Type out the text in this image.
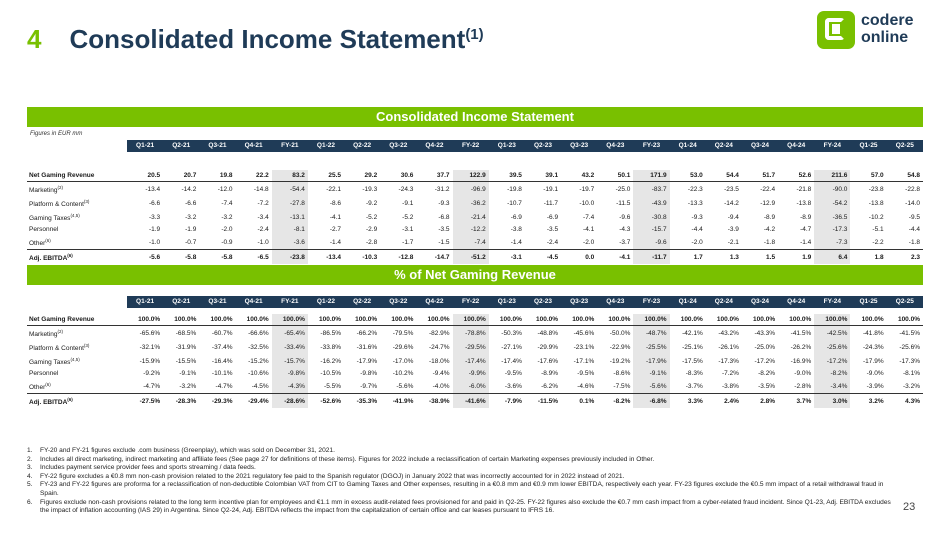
4 Consolidated Income Statement$^{(1)}$
codere
online
Consolidated Income Statement
Figures in EUR mm
	Q1-21	Q2-21	Q3-21	Q4-21	FY-21	Q1-22	Q2-22	Q3-22	Q4-22	FY-22	Q1-23	Q2-23	Q3-23	Q4-23	FY-23	Q1-24	Q2-24	Q3-24	Q4-24	FY-24	Q1-25	Q2-25

Net Gaming Revenue	20.5	20.7	19.8	22.2	83.2	25.5	29.2	30.6	37.7	122.9	39.5	39.1	43.2	50.1	171.9	53.0	54.4	51.7	52.6	211.6	57.0	54.8
Marketing$^{(2)}$	-13.4	-14.2	-12.0	-14.8	-54.4	-22.1	-19.3	-24.3	-31.2	-96.9	-19.8	-19.1	-19.7	-25.0	-83.7	-22.3	-23.5	-22.4	-21.8	-90.0	-23.8	-22.8
Platform & Content$^{(3)}$	-6.6	-6.6	-7.4	-7.2	-27.8	-8.6	-9.2	-9.1	-9.3	-36.2	-10.7	-11.7	-10.0	-11.5	-43.9	-13.3	-14.2	-12.9	-13.8	-54.2	-13.8	-14.0
Gaming Taxes$^{(4,5)}$	-3.3	-3.2	-3.2	-3.4	-13.1	-4.1	-5.2	-5.2	-6.8	-21.4	-6.9	-6.9	-7.4	-9.6	-30.8	-9.3	-9.4	-8.9	-8.9	-36.5	-10.2	-9.5
Personnel	-1.9	-1.9	-2.0	-2.4	-8.1	-2.7	-2.9	-3.1	-3.5	-12.2	-3.8	-3.5	-4.1	-4.3	-15.7	-4.4	-3.9	-4.2	-4.7	-17.3	-5.1	-4.4
Other$^{(6)}$	-1.0	-0.7	-0.9	-1.0	-3.6	-1.4	-2.8	-1.7	-1.5	-7.4	-1.4	-2.4	-2.0	-3.7	-9.6	-2.0	-2.1	-1.8	-1.4	-7.3	-2.2	-1.8
Adj. EBITDA$^{(6)}$	-5.6	-5.8	-5.8	-6.5	-23.8	-13.4	-10.3	-12.8	-14.7	-51.2	-3.1	-4.5	0.0	-4.1	-11.7	1.7	1.3	1.5	1.9	6.4	1.8	2.3
% of Net Gaming Revenue
	Q1-21	Q2-21	Q3-21	Q4-21	FY-21	Q1-22	Q2-22	Q3-22	Q4-22	FY-22	Q1-23	Q2-23	Q3-23	Q4-23	FY-23	Q1-24	Q2-24	Q3-24	Q4-24	FY-24	Q1-25	Q2-25

Net Gaming Revenue	100.0%	100.0%	100.0%	100.0%	100.0%	100.0%	100.0%	100.0%	100.0%	100.0%	100.0%	100.0%	100.0%	100.0%	100.0%	100.0%	100.0%	100.0%	100.0%	100.0%	100.0%	100.0%
Marketing$^{(2)}$	-65.6%	-68.5%	-60.7%	-66.6%	-65.4%	-86.5%	-66.2%	-79.5%	-82.9%	-78.8%	-50.3%	-48.8%	-45.6%	-50.0%	-48.7%	-42.1%	-43.2%	-43.3%	-41.5%	-42.5%	-41.8%	-41.5%
Platform & Content$^{(3)}$	-32.1%	-31.9%	-37.4%	-32.5%	-33.4%	-33.8%	-31.6%	-29.6%	-24.7%	-29.5%	-27.1%	-29.9%	-23.1%	-22.9%	-25.5%	-25.1%	-26.1%	-25.0%	-26.2%	-25.6%	-24.3%	-25.6%
Gaming Taxes$^{(4,5)}$	-15.9%	-15.5%	-16.4%	-15.2%	-15.7%	-16.2%	-17.9%	-17.0%	-18.0%	-17.4%	-17.4%	-17.6%	-17.1%	-19.2%	-17.9%	-17.5%	-17.3%	-17.2%	-16.9%	-17.2%	-17.9%	-17.3%
Personnel	-9.2%	-9.1%	-10.1%	-10.6%	-9.8%	-10.5%	-9.8%	-10.2%	-9.4%	-9.9%	-9.5%	-8.9%	-9.5%	-8.6%	-9.1%	-8.3%	-7.2%	-8.2%	-9.0%	-8.2%	-9.0%	-8.1%
Other$^{(6)}$	-4.7%	-3.2%	-4.7%	-4.5%	-4.3%	-5.5%	-9.7%	-5.6%	-4.0%	-6.0%	-3.6%	-6.2%	-4.6%	-7.5%	-5.6%	-3.7%	-3.8%	-3.5%	-2.8%	-3.4%	-3.9%	-3.2%
Adj. EBITDA$^{(6)}$	-27.5%	-28.3%	-29.3%	-29.4%	-28.6%	-52.6%	-35.3%	-41.9%	-38.9%	-41.6%	-7.9%	-11.5%	0.1%	-8.2%	-6.8%	3.3%	2.4%	2.8%	3.7%	3.0%	3.2%	4.3%
1. FY-20 and FY-21 figures exclude .com business (Greenplay), which was sold on December 31, 2021.
2. Includes all direct marketing, indirect marketing and affiliate fees (See page 27 for definitions of these items). Figures for 2022 include a reclassification of certain Marketing expenses previously included in Other.
3. Includes payment service provider fees and sports streaming / data feeds.
4. FY-22 figure excludes a €0.8 mm non-cash provision related to the 2021 regulatory fee paid to the Spanish regulator (DGOJ) in January 2022 that was incorrectly accounted for in 2022 instead of 2021.
5. FY-23 and FY-22 figures are proforma for a reclassification of non-deductible Colombian VAT from CIT to Gaming Taxes and Other expenses, resulting in a €0.8 mm and €0.9 mm lower EBITDA, respectively each year. FY-23 figures exclude the €0.5 mm impact of a retail withdrawal fraud in Spain.
6. Figures exclude non-cash provisions related to the long term incentive plan for employees and €1.1 mm in excess audit-related fees provisioned for and paid in Q2-25. FY-22 figures also exclude the €0.7 mm cash impact from a cyber-related fraud incident. Since Q1-23, Adj. EBITDA excludes the impact of inflation accounting (IAS 29) in Argentina. Since Q2-24, Adj. EBITDA reflects the impact from the capitalization of certain office and car leases pursuant to IFRS 16.	23
